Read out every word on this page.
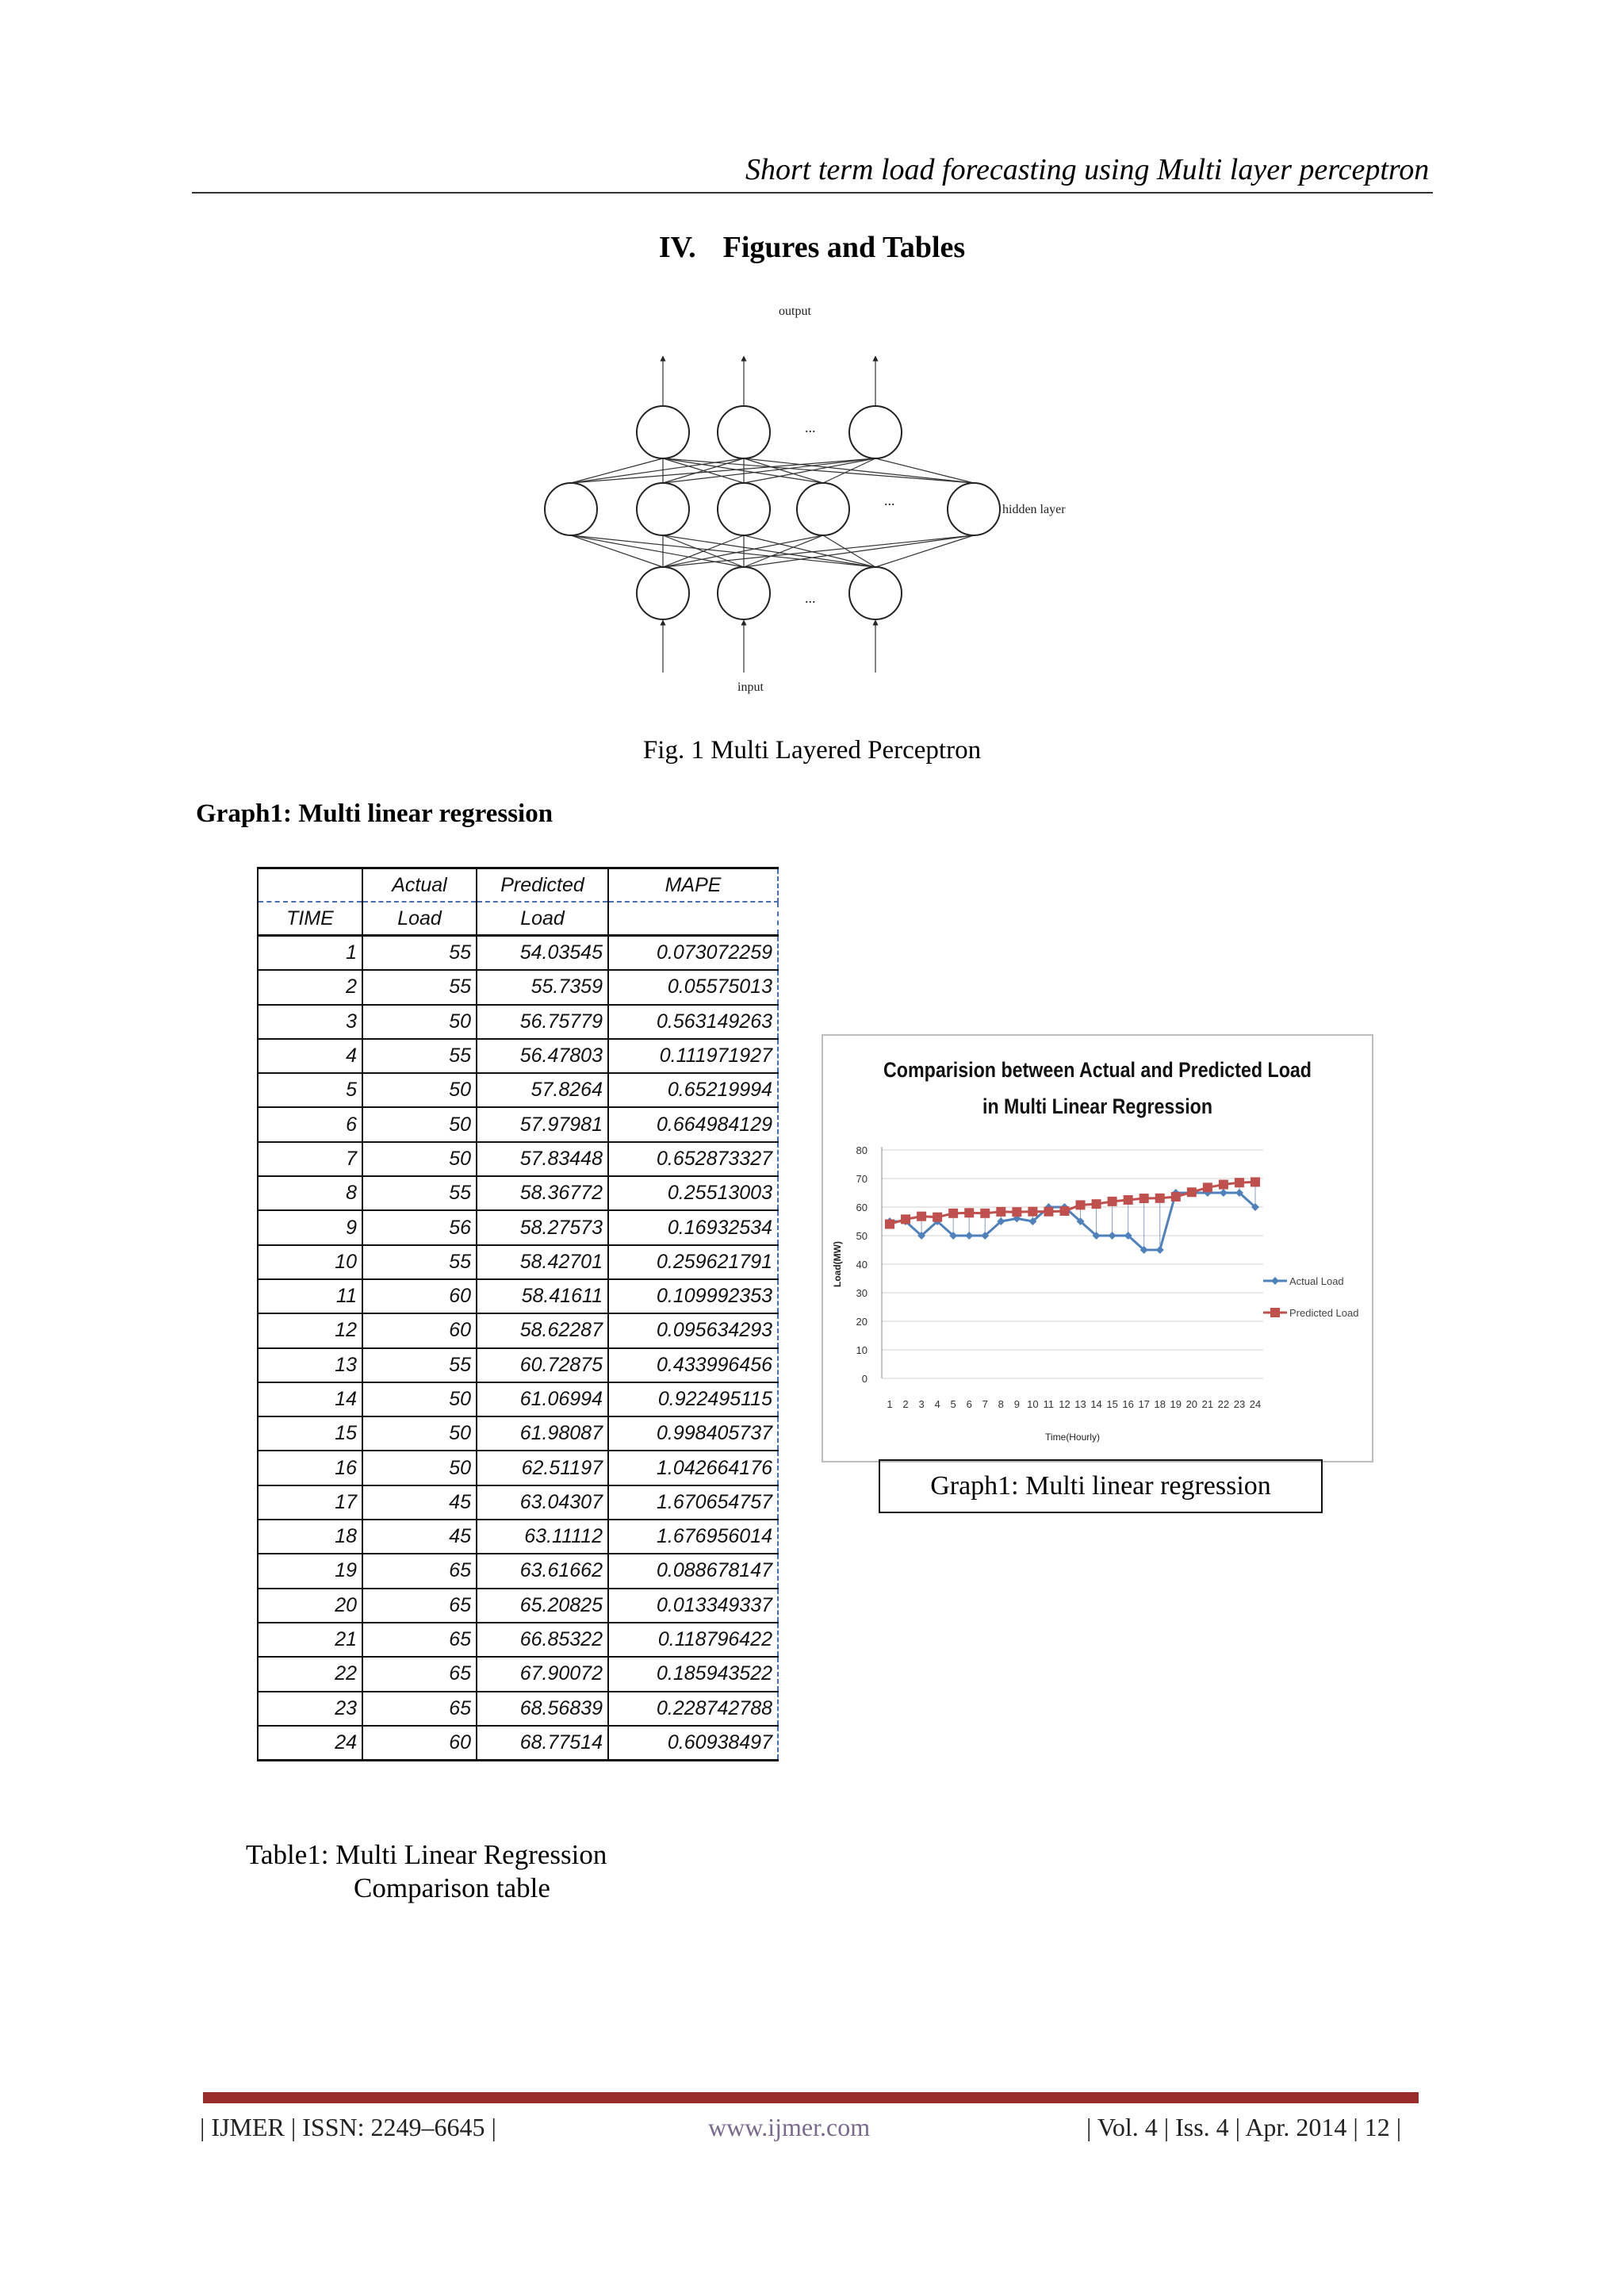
Short term load forecasting using Multi layer perceptron
IV. Figures and Tables
output
hidden layer
input
...
...
...
Fig. 1 Multi Layered Perceptron
Graph1: Multi linear regression
	Actual	Predicted	MAPE
TIME	Load	Load	
1	55	54.03545	0.073072259
2	55	55.7359	0.05575013
3	50	56.75779	0.563149263
4	55	56.47803	0.111971927
5	50	57.8264	0.65219994
6	50	57.97981	0.664984129
7	50	57.83448	0.652873327
8	55	58.36772	0.25513003
9	56	58.27573	0.16932534
10	55	58.42701	0.259621791
11	60	58.41611	0.109992353
12	60	58.62287	0.095634293
13	55	60.72875	0.433996456
14	50	61.06994	0.922495115
15	50	61.98087	0.998405737
16	50	62.51197	1.042664176
17	45	63.04307	1.670654757
18	45	63.11112	1.676956014
19	65	63.61662	0.088678147
20	65	65.20825	0.013349337
21	65	66.85322	0.118796422
22	65	67.90072	0.185943522
23	65	68.56839	0.228742788
24	60	68.77514	0.60938497
Table1: Multi Linear Regression
Comparison table
Comparision between Actual and Predicted Load
in Multi Linear Regression
0
10
20
30
40
50
60
70
80
1 2 3 4 5 6 7 8 9 10 11 12 13 14 15 16 17 18 19 20 21 22 23 24
Time(Hourly)
Load(MW)	Actual Load
Predicted Load
Graph1: Multi linear regression
| IJMER | ISSN: 2249–6645 |	www.ijmer.com	| Vol. 4 | Iss. 4 | Apr. 2014 | 12 |
